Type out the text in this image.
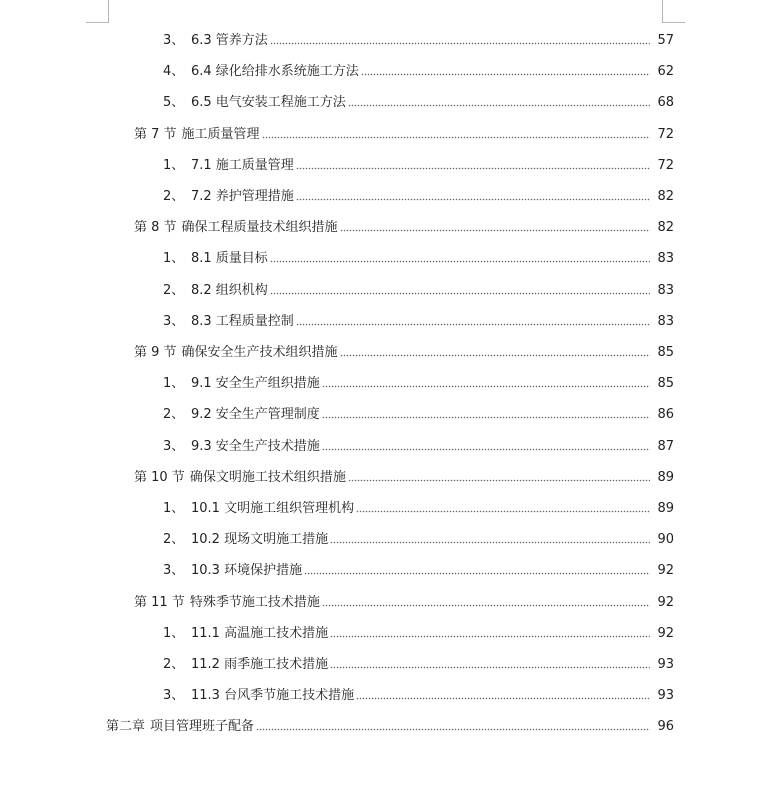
3、 6.3 管养方法	57
4、 6.4 绿化给排水系统施工方法	62
5、 6.5 电气安装工程施工方法	68
第 7 节 施工质量管理	72
1、 7.1 施工质量管理	72
2、 7.2 养护管理措施	82
第 8 节 确保工程质量技术组织措施	82
1、 8.1 质量目标	83
2、 8.2 组织机构	83
3、 8.3 工程质量控制	83
第 9 节 确保安全生产技术组织措施	85
1、 9.1 安全生产组织措施	85
2、 9.2 安全生产管理制度	86
3、 9.3 安全生产技术措施	87
第 10 节 确保文明施工技术组织措施	89
1、 10.1 文明施工组织管理机构	89
2、 10.2 现场文明施工措施	90
3、 10.3 环境保护措施	92
第 11 节 特殊季节施工技术措施	92
1、 11.1 高温施工技术措施	92
2、 11.2 雨季施工技术措施	93
3、 11.3 台风季节施工技术措施	93
第二章 项目管理班子配备	96
